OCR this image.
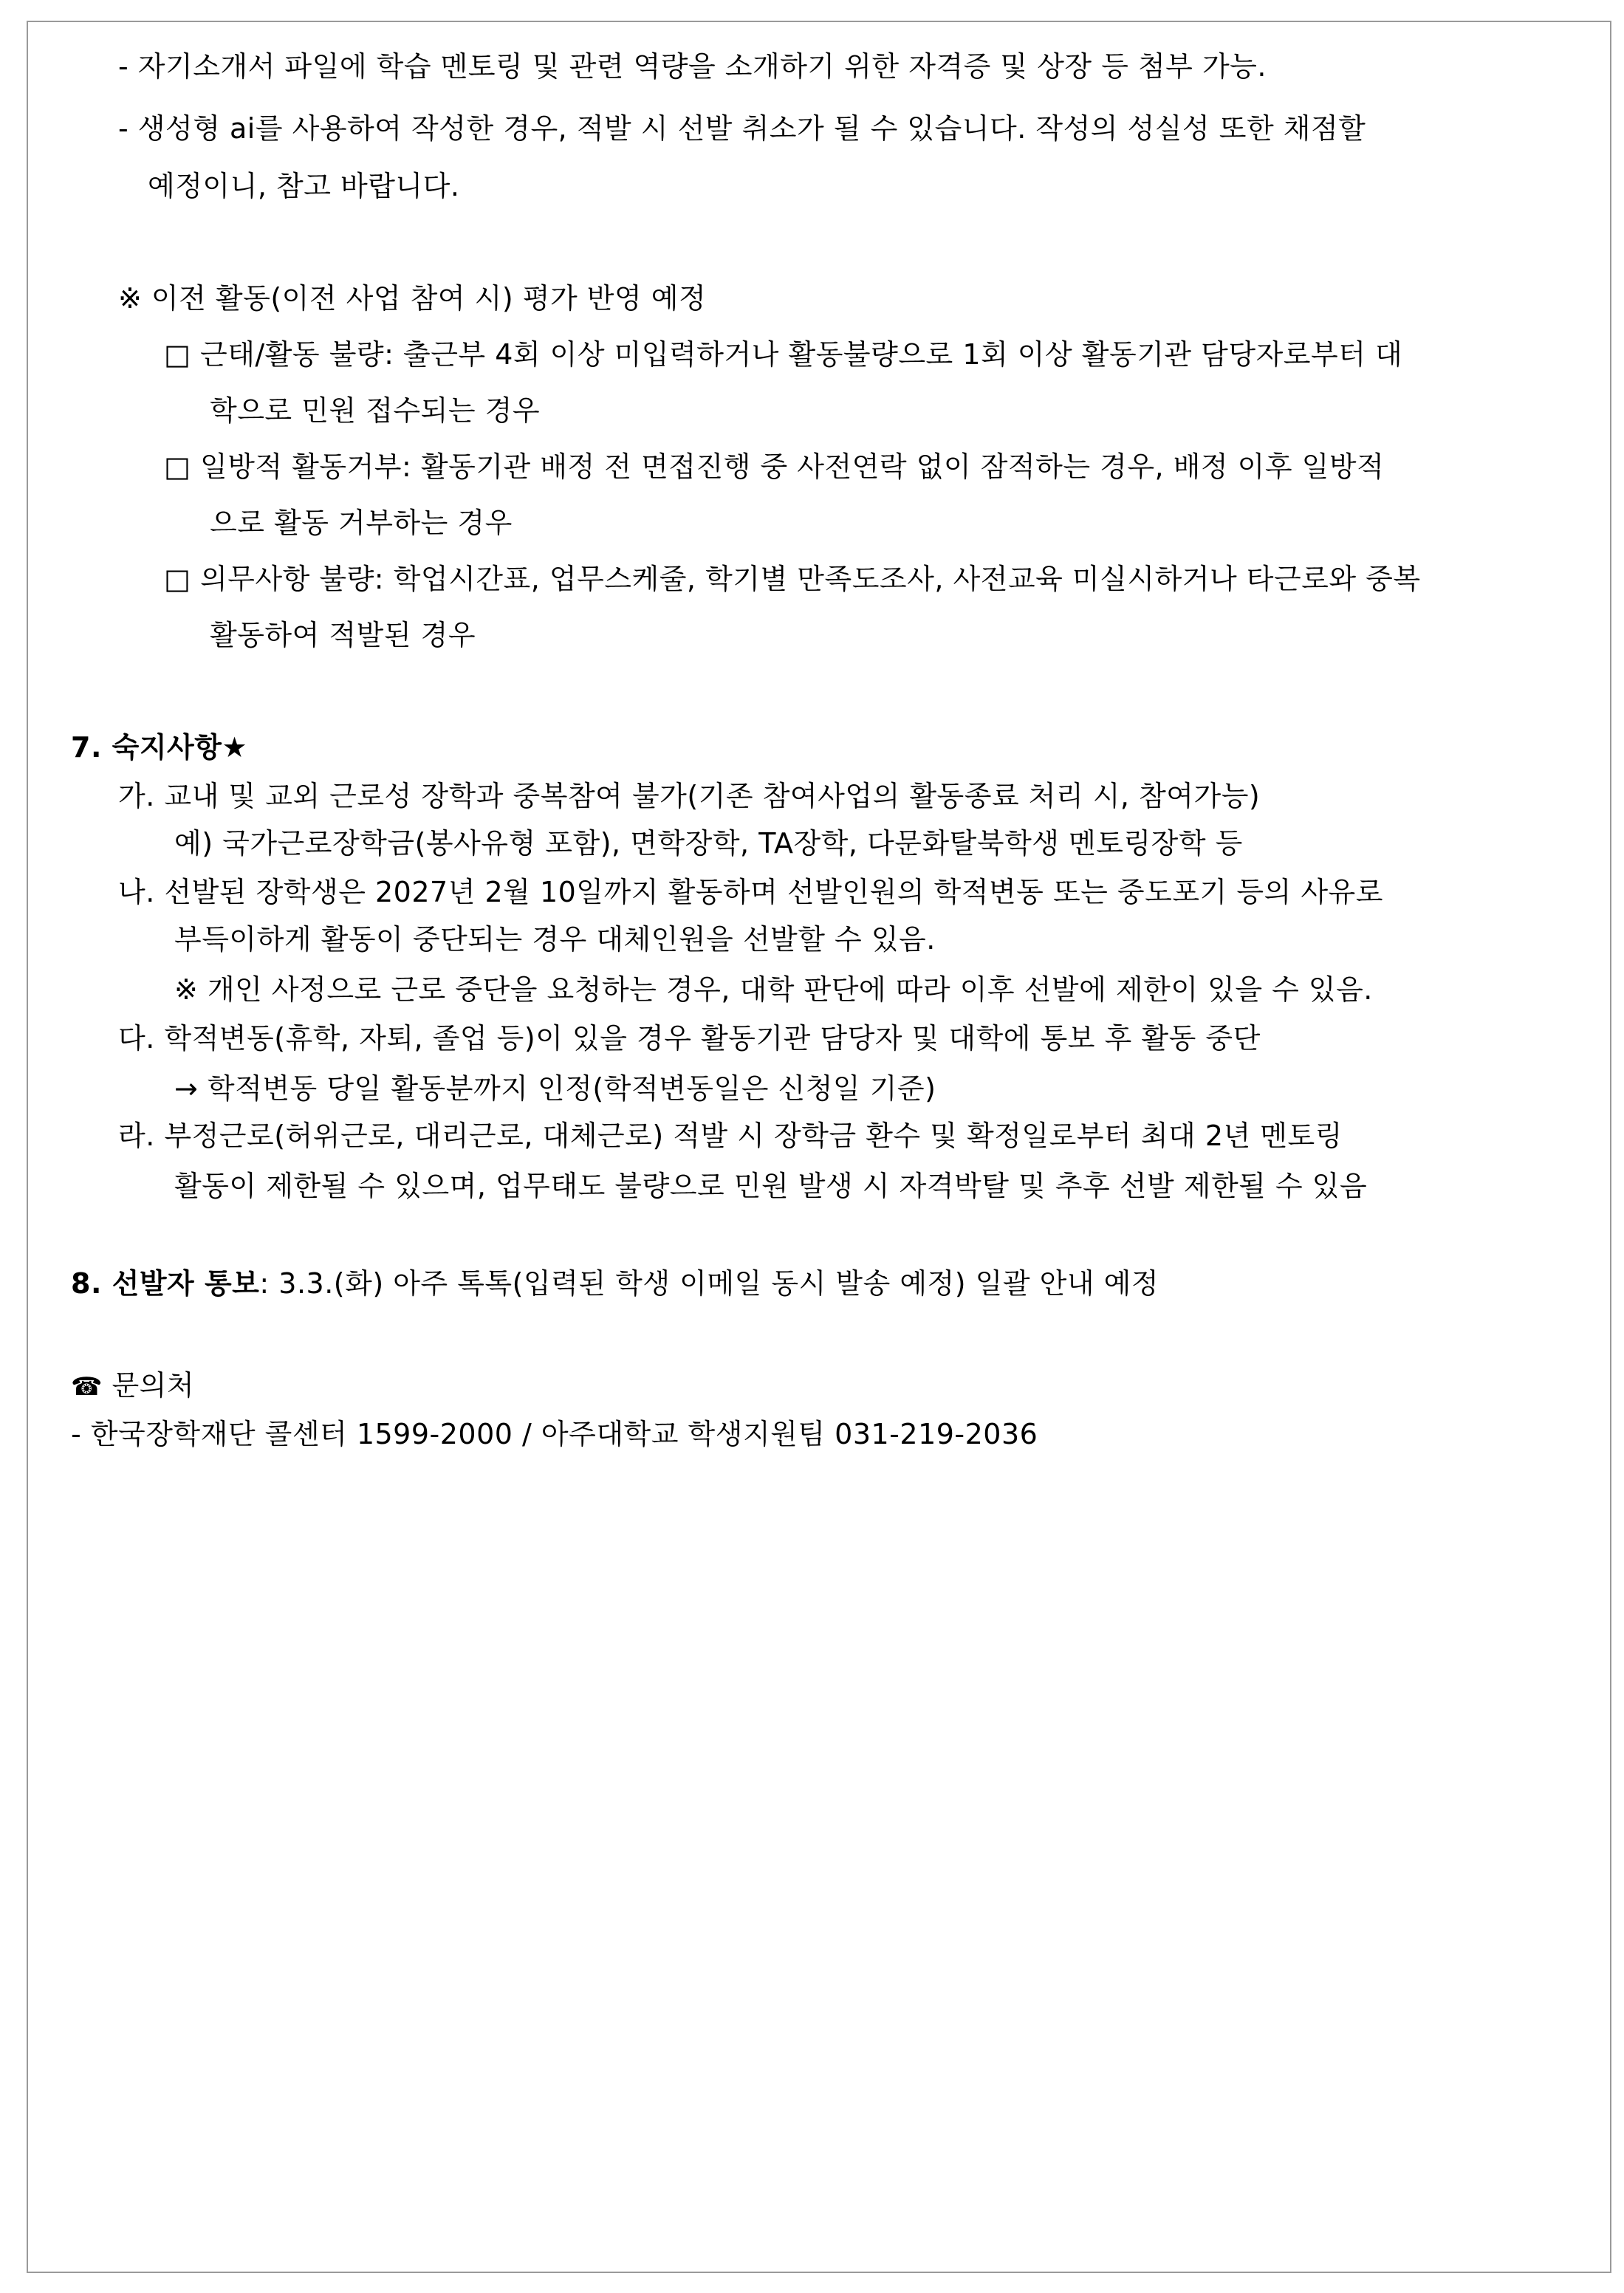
- 자기소개서 파일에 학습 멘토링 및 관련 역량을 소개하기 위한 자격증 및 상장 등 첨부 가능.
- 생성형 ai를 사용하여 작성한 경우, 적발 시 선발 취소가 될 수 있습니다. 작성의 성실성 또한 채점할
예정이니, 참고 바랍니다.
※ 이전 활동(이전 사업 참여 시) 평가 반영 예정
□ 근태/활동 불량: 출근부 4회 이상 미입력하거나 활동불량으로 1회 이상 활동기관 담당자로부터 대
학으로 민원 접수되는 경우
□ 일방적 활동거부: 활동기관 배정 전 면접진행 중 사전연락 없이 잠적하는 경우, 배정 이후 일방적
으로 활동 거부하는 경우
□ 의무사항 불량: 학업시간표, 업무스케줄, 학기별 만족도조사, 사전교육 미실시하거나 타근로와 중복
활동하여 적발된 경우
7. 숙지사항★
가. 교내 및 교외 근로성 장학과 중복참여 불가(기존 참여사업의 활동종료 처리 시, 참여가능)
예) 국가근로장학금(봉사유형 포함), 면학장학, TA장학, 다문화탈북학생 멘토링장학 등
나. 선발된 장학생은 2027년 2월 10일까지 활동하며 선발인원의 학적변동 또는 중도포기 등의 사유로
부득이하게 활동이 중단되는 경우 대체인원을 선발할 수 있음.
※ 개인 사정으로 근로 중단을 요청하는 경우, 대학 판단에 따라 이후 선발에 제한이 있을 수 있음.
다. 학적변동(휴학, 자퇴, 졸업 등)이 있을 경우 활동기관 담당자 및 대학에 통보 후 활동 중단
→ 학적변동 당일 활동분까지 인정(학적변동일은 신청일 기준)
라. 부정근로(허위근로, 대리근로, 대체근로) 적발 시 장학금 환수 및 확정일로부터 최대 2년 멘토링
활동이 제한될 수 있으며, 업무태도 불량으로 민원 발생 시 자격박탈 및 추후 선발 제한될 수 있음
8. 선발자 통보: 3.3.(화) 아주 톡톡(입력된 학생 이메일 동시 발송 예정) 일괄 안내 예정
☎ 문의처
- 한국장학재단 콜센터 1599-2000 / 아주대학교 학생지원팀 031-219-2036
